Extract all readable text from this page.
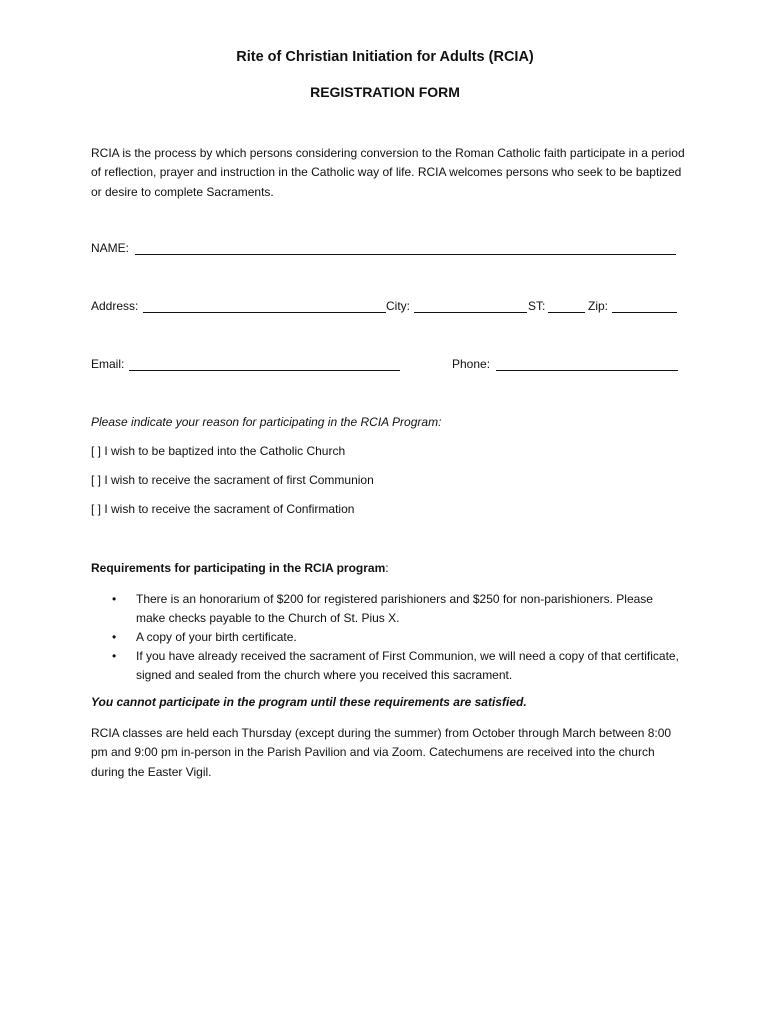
Rite of Christian Initiation for Adults (RCIA)
REGISTRATION FORM
RCIA is the process by which persons considering conversion to the Roman Catholic faith participate in a period of reflection, prayer and instruction in the Catholic way of life. RCIA welcomes persons who seek to be baptized or desire to complete Sacraments.
NAME:
Address:	City:	ST:	Zip:
Email:	Phone:
Please indicate your reason for participating in the RCIA Program:
[ ] I wish to be baptized into the Catholic Church
[ ] I wish to receive the sacrament of first Communion
[ ] I wish to receive the sacrament of Confirmation
Requirements for participating in the RCIA program:
• There is an honorarium of $200 for registered parishioners and $250 for non-parishioners. Please make checks payable to the Church of St. Pius X.
• A copy of your birth certificate.
• If you have already received the sacrament of First Communion, we will need a copy of that certificate, signed and sealed from the church where you received this sacrament.
You cannot participate in the program until these requirements are satisfied.
RCIA classes are held each Thursday (except during the summer) from October through March between 8:00 pm and 9:00 pm in-person in the Parish Pavilion and via Zoom. Catechumens are received into the church during the Easter Vigil.
